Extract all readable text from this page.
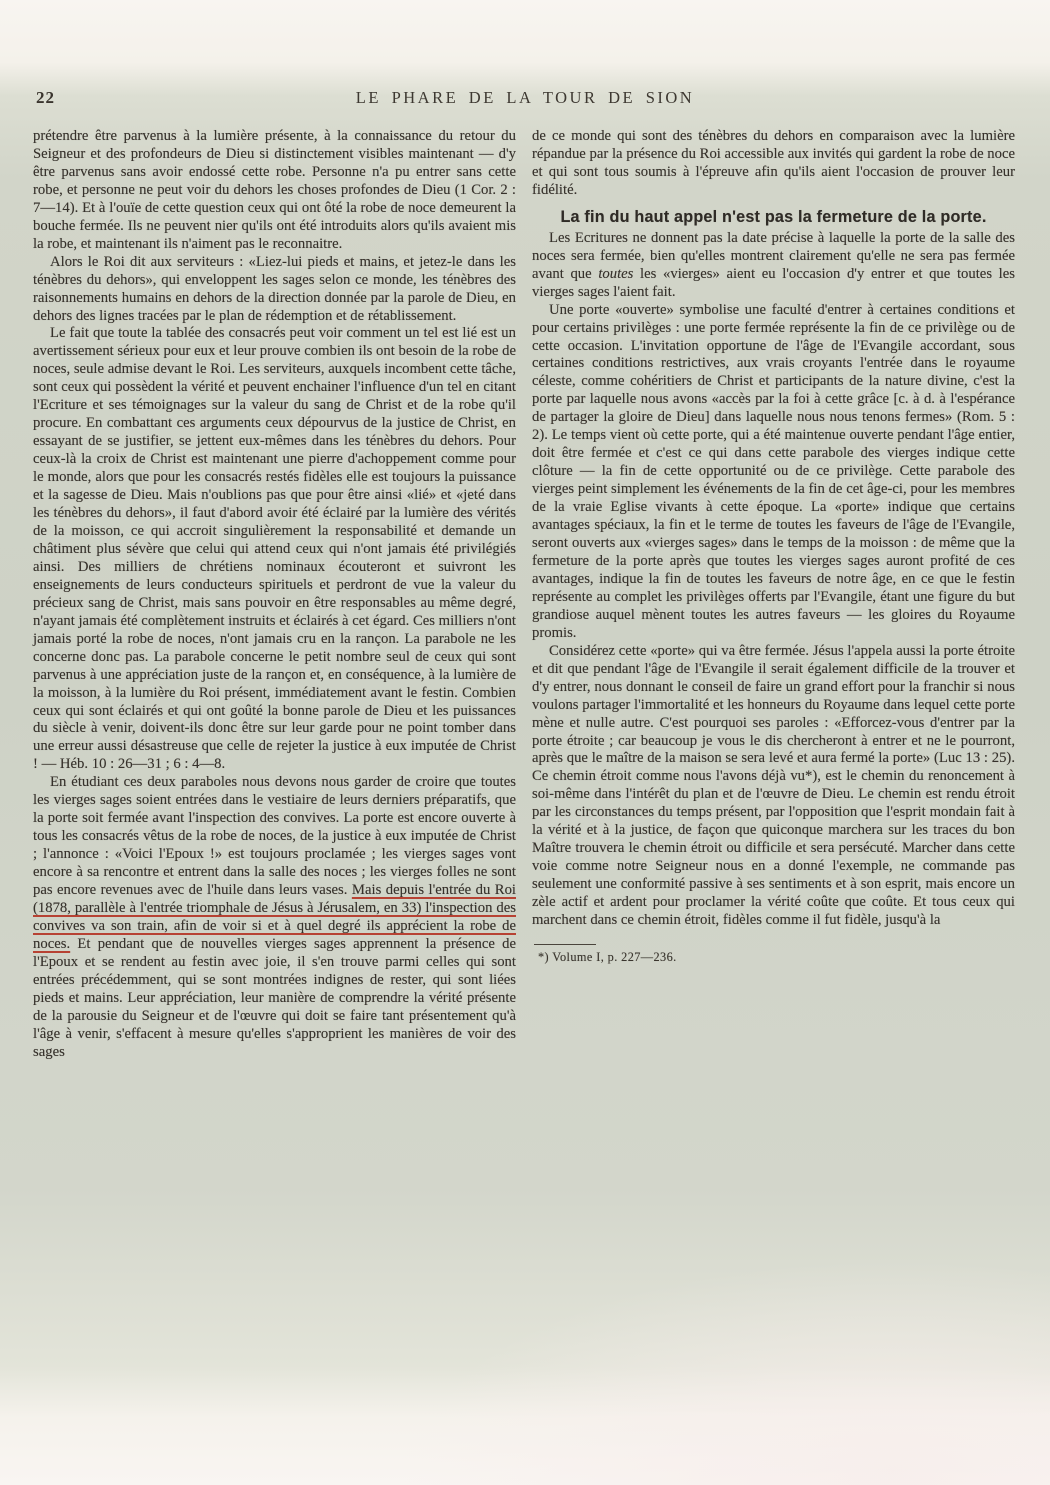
22	LE PHARE DE LA TOUR DE SION

prétendre être parvenus à la lumière présente, à la connaissance du retour du Seigneur et des profondeurs de Dieu si distinctement visibles maintenant — d'y être parvenus sans avoir endossé cette robe. Personne n'a pu entrer sans cette robe, et personne ne peut voir du dehors les choses profondes de Dieu (1 Cor. 2 : 7—14). Et à l'ouïe de cette question ceux qui ont ôté la robe de noce demeurent la bouche fermée. Ils ne peuvent nier qu'ils ont été introduits alors qu'ils avaient mis la robe, et maintenant ils n'aiment pas le reconnaitre.

Alors le Roi dit aux serviteurs : «Liez-lui pieds et mains, et jetez-le dans les ténèbres du dehors», qui enveloppent les sages selon ce monde, les ténèbres des raisonnements humains en dehors de la direction donnée par la parole de Dieu, en dehors des lignes tracées par le plan de rédemption et de rétablissement.

Le fait que toute la tablée des consacrés peut voir comment un tel est lié est un avertissement sérieux pour eux et leur prouve combien ils ont besoin de la robe de noces, seule admise devant le Roi. Les serviteurs, auxquels incombent cette tâche, sont ceux qui possèdent la vérité et peuvent enchainer l'influence d'un tel en citant l'Ecriture et ses témoignages sur la valeur du sang de Christ et de la robe qu'il procure. En combattant ces arguments ceux dépourvus de la justice de Christ, en essayant de se justifier, se jettent eux-mêmes dans les ténèbres du dehors. Pour ceux-là la croix de Christ est maintenant une pierre d'achoppement comme pour le monde, alors que pour les consacrés restés fidèles elle est toujours la puissance et la sagesse de Dieu. Mais n'oublions pas que pour être ainsi «lié» et «jeté dans les ténèbres du dehors», il faut d'abord avoir été éclairé par la lumière des vérités de la moisson, ce qui accroit singulièrement la responsabilité et demande un châtiment plus sévère que celui qui attend ceux qui n'ont jamais été privilégiés ainsi. Des milliers de chrétiens nominaux écouteront et suivront les enseignements de leurs conducteurs spirituels et perdront de vue la valeur du précieux sang de Christ, mais sans pouvoir en être responsables au même degré, n'ayant jamais été complètement instruits et éclairés à cet égard. Ces milliers n'ont jamais porté la robe de noces, n'ont jamais cru en la rançon. La parabole ne les concerne donc pas. La parabole concerne le petit nombre seul de ceux qui sont parvenus à une appréciation juste de la rançon et, en conséquence, à la lumière de la moisson, à la lumière du Roi présent, immédiatement avant le festin. Combien ceux qui sont éclairés et qui ont goûté la bonne parole de Dieu et les puissances du siècle à venir, doivent-ils donc être sur leur garde pour ne point tomber dans une erreur aussi désastreuse que celle de rejeter la justice à eux imputée de Christ ! — Héb. 10 : 26—31 ; 6 : 4—8.

En étudiant ces deux paraboles nous devons nous garder de croire que toutes les vierges sages soient entrées dans le vestiaire de leurs derniers préparatifs, que la porte soit fermée avant l'inspection des convives. La porte est encore ouverte à tous les consacrés vêtus de la robe de noces, de la justice à eux imputée de Christ ; l'annonce : «Voici l'Epoux !» est toujours proclamée ; les vierges sages vont encore à sa rencontre et entrent dans la salle des noces ; les vierges folles ne sont pas encore revenues avec de l'huile dans leurs vases. Mais depuis l'entrée du Roi (1878, parallèle à l'entrée triomphale de Jésus à Jérusalem, en 33) l'inspection des convives va son train, afin de voir si et à quel degré ils apprécient la robe de noces. Et pendant que de nouvelles vierges sages apprennent la présence de l'Epoux et se rendent au festin avec joie, il s'en trouve parmi celles qui sont entrées précédemment, qui se sont montrées indignes de rester, qui sont liées pieds et mains. Leur appréciation, leur manière de comprendre la vérité présente de la parousie du Seigneur et de l'œuvre qui doit se faire tant présentement qu'à l'âge à venir, s'effacent à mesure qu'elles s'approprient les manières de voir des sages

de ce monde qui sont des ténèbres du dehors en comparaison avec la lumière répandue par la présence du Roi accessible aux invités qui gardent la robe de noce et qui sont tous soumis à l'épreuve afin qu'ils aient l'occasion de prouver leur fidélité.

La fin du haut appel n'est pas la fermeture de la porte.

Les Ecritures ne donnent pas la date précise à laquelle la porte de la salle des noces sera fermée, bien qu'elles montrent clairement qu'elle ne sera pas fermée avant que toutes les «vierges» aient eu l'occasion d'y entrer et que toutes les vierges sages l'aient fait.

Une porte «ouverte» symbolise une faculté d'entrer à certaines conditions et pour certains privilèges : une porte fermée représente la fin de ce privilège ou de cette occasion. L'invitation opportune de l'âge de l'Evangile accordant, sous certaines conditions restrictives, aux vrais croyants l'entrée dans le royaume céleste, comme cohéritiers de Christ et participants de la nature divine, c'est la porte par laquelle nous avons «accès par la foi à cette grâce [c. à d. à l'espérance de partager la gloire de Dieu] dans laquelle nous nous tenons fermes» (Rom. 5 : 2). Le temps vient où cette porte, qui a été maintenue ouverte pendant l'âge entier, doit être fermée et c'est ce qui dans cette parabole des vierges indique cette clôture — la fin de cette opportunité ou de ce privilège. Cette parabole des vierges peint simplement les événements de la fin de cet âge-ci, pour les membres de la vraie Eglise vivants à cette époque. La «porte» indique que certains avantages spéciaux, la fin et le terme de toutes les faveurs de l'âge de l'Evangile, seront ouverts aux «vierges sages» dans le temps de la moisson : de même que la fermeture de la porte après que toutes les vierges sages auront profité de ces avantages, indique la fin de toutes les faveurs de notre âge, en ce que le festin représente au complet les privilèges offerts par l'Evangile, étant une figure du but grandiose auquel mènent toutes les autres faveurs — les gloires du Royaume promis.

Considérez cette «porte» qui va être fermée. Jésus l'appela aussi la porte étroite et dit que pendant l'âge de l'Evangile il serait également difficile de la trouver et d'y entrer, nous donnant le conseil de faire un grand effort pour la franchir si nous voulons partager l'immortalité et les honneurs du Royaume dans lequel cette porte mène et nulle autre. C'est pourquoi ses paroles : «Efforcez-vous d'entrer par la porte étroite ; car beaucoup je vous le dis chercheront à entrer et ne le pourront, après que le maître de la maison se sera levé et aura fermé la porte» (Luc 13 : 25). Ce chemin étroit comme nous l'avons déjà vu*), est le chemin du renoncement à soi-même dans l'intérêt du plan et de l'œuvre de Dieu. Le chemin est rendu étroit par les circonstances du temps présent, par l'opposition que l'esprit mondain fait à la vérité et à la justice, de façon que quiconque marchera sur les traces du bon Maître trouvera le chemin étroit ou difficile et sera persécuté. Marcher dans cette voie comme notre Seigneur nous en a donné l'exemple, ne commande pas seulement une conformité passive à ses sentiments et à son esprit, mais encore un zèle actif et ardent pour proclamer la vérité coûte que coûte. Et tous ceux qui marchent dans ce chemin étroit, fidèles comme il fut fidèle, jusqu'à la

*) Volume I, p. 227—236.
